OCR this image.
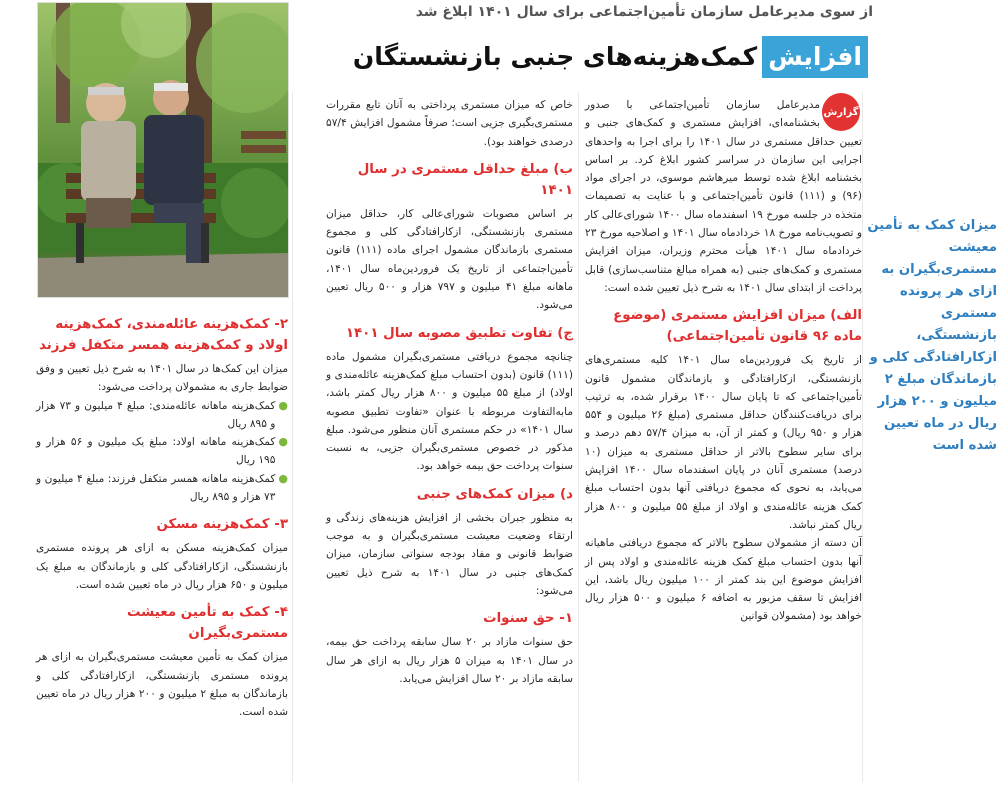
از سوی مدیرعامل سازمان تأمین‌اجتماعی برای سال ۱۴۰۱ ابلاغ شد
افزایش کمک‌هزینه‌های جنبی بازنشستگان
میزان کمک به تأمین معیشت مستمری‌بگیران به ازای هر پرونده مستمری بازنشستگی، ازکارافتادگی کلی و بازماندگان مبلغ ۲ میلیون و ۲۰۰ هزار ریال در ماه تعیین شده است
گزارش

مدیرعامل سازمان تأمین‌اجتماعی با صدور بخشنامه‌ای، افزایش مستمری و کمک‌های جنبی و تعیین حداقل مستمری در سال ۱۴۰۱ را برای اجرا به واحدهای اجرایی این سازمان در سراسر کشور ابلاغ کرد. بر اساس بخشنامه ابلاغ شده توسط میرهاشم موسوی، در اجرای مواد (۹۶) و (۱۱۱) قانون تأمین‌اجتماعی و با عنایت به تصمیمات متخذه در جلسه مورخ ۱۹ اسفندماه سال ۱۴۰۰ شورای‌عالی کار و تصویب‌نامه مورخ ۱۸ خردادماه سال ۱۴۰۱ و اصلاحیه مورخ ۲۳ خردادماه سال ۱۴۰۱ هیأت محترم وزیران، میزان افزایش مستمری و کمک‌های جنبی (به همراه مبالغ متناسب‌سازی) قابل پرداخت از ابتدای سال ۱۴۰۱ به شرح ذیل تعیین شده است:

الف) میزان افزایش مستمری (موضوع ماده ۹۶ قانون تأمین‌اجتماعی)

از تاریخ یک فروردین‌ماه سال ۱۴۰۱ کلیه مستمری‌های بازنشستگی، ازکارافتادگی و بازماندگان مشمول قانون تأمین‌اجتماعی که تا پایان سال ۱۴۰۰ برقرار شده، به ترتیب برای دریافت‌کنندگان حداقل مستمری (مبلغ ۲۶ میلیون و ۵۵۴ هزار و ۹۵۰ ریال) و کمتر از آن، به میزان ۵۷/۴ دهم درصد و برای سایر سطوح بالاتر از حداقل مستمری به میزان (۱۰ درصد) مستمری آنان در پایان اسفندماه سال ۱۴۰۰ افزایش می‌یابد، به نحوی که مجموع دریافتی آنها بدون احتساب مبلغ کمک هزینه عائله‌مندی و اولاد از مبلغ ۵۵ میلیون و ۸۰۰ هزار ریال کمتر نباشد.

آن دسته از مشمولان سطوح بالاتر که مجموع دریافتی ماهیانه آنها بدون احتساب مبلغ کمک هزینه عائله‌مندی و اولاد پس از افزایش موضوع این بند کمتر از ۱۰۰ میلیون ریال باشد، این افزایش تا سقف مزبور به اضافه ۶ میلیون و ۵۰۰ هزار ریال خواهد بود (مشمولان قوانین

خاص که میزان مستمری پرداختی به آنان تابع مقررات مستمری‌بگیری جزیی است؛ صرفاً مشمول افزایش ۵۷/۴ درصدی خواهند بود).

ب) مبلغ حداقل مستمری در سال ۱۴۰۱

بر اساس مصوبات شورای‌عالی کار، حداقل میزان مستمری بازنشستگی، ازکارافتادگی کلی و مجموع مستمری بازماندگان مشمول اجرای ماده (۱۱۱) قانون تأمین‌اجتماعی از تاریخ یک فروردین‌ماه سال ۱۴۰۱، ماهانه مبلغ ۴۱ میلیون و ۷۹۷ هزار و ۵۰۰ ریال تعیین می‌شود.

ج) تفاوت تطبیق مصوبه سال ۱۴۰۱

چنانچه مجموع دریافتی مستمری‌بگیران مشمول ماده (۱۱۱) قانون (بدون احتساب مبلغ کمک‌هزینه عائله‌مندی و اولاد) از مبلغ ۵۵ میلیون و ۸۰۰ هزار ریال کمتر باشد، مابه‌التفاوت مربوطه با عنوان «تفاوت تطبیق مصوبه سال ۱۴۰۱» در حکم مستمری آنان منظور می‌شود. مبلغ مذکور در خصوص مستمری‌بگیران جزیی، به نسبت سنوات پرداخت حق بیمه خواهد بود.

د) میزان کمک‌های جنبی

به منظور جبران بخشی از افزایش هزینه‌های زندگی و ارتقاء وضعیت معیشت مستمری‌بگیران و به موجب ضوابط قانونی و مفاد بودجه سنواتی سازمان، میزان کمک‌های جنبی در سال ۱۴۰۱ به شرح ذیل تعیین می‌شود:

۱- حق سنوات

حق سنوات مازاد بر ۲۰ سال سابقه پرداخت حق بیمه، در سال ۱۴۰۱ به میزان ۵ هزار ریال به ازای هر سال سابقه مازاد بر ۲۰ سال افزایش می‌یابد.

۲- کمک‌هزینه عائله‌مندی، کمک‌هزینه اولاد و کمک‌هزینه همسر متکفل فرزند

میزان این کمک‌ها در سال ۱۴۰۱ به شرح ذیل تعیین و وفق ضوابط جاری به مشمولان پرداخت می‌شود:

●
کمک‌هزینه ماهانه عائله‌مندی: مبلغ ۴ میلیون و ۷۳ هزار و ۸۹۵ ریال
●
کمک‌هزینه ماهانه اولاد: مبلغ یک میلیون و ۵۶ هزار و ۱۹۵ ریال
●
کمک‌هزینه ماهانه همسر متکفل فرزند: مبلغ ۴ میلیون و ۷۳ هزار و ۸۹۵ ریال
۳- کمک‌هزینه مسکن

میزان کمک‌هزینه مسکن به ازای هر پرونده مستمری بازنشستگی، ازکارافتادگی کلی و بازماندگان به مبلغ یک میلیون و ۶۵۰ هزار ریال در ماه تعیین شده است.

۴- کمک به تأمین معیشت مستمری‌بگیران

میزان کمک به تأمین معیشت مستمری‌بگیران به ازای هر پرونده مستمری بازنشستگی، ازکارافتادگی کلی و بازماندگان به مبلغ ۲ میلیون و ۲۰۰ هزار ریال در ماه تعیین شده است.
